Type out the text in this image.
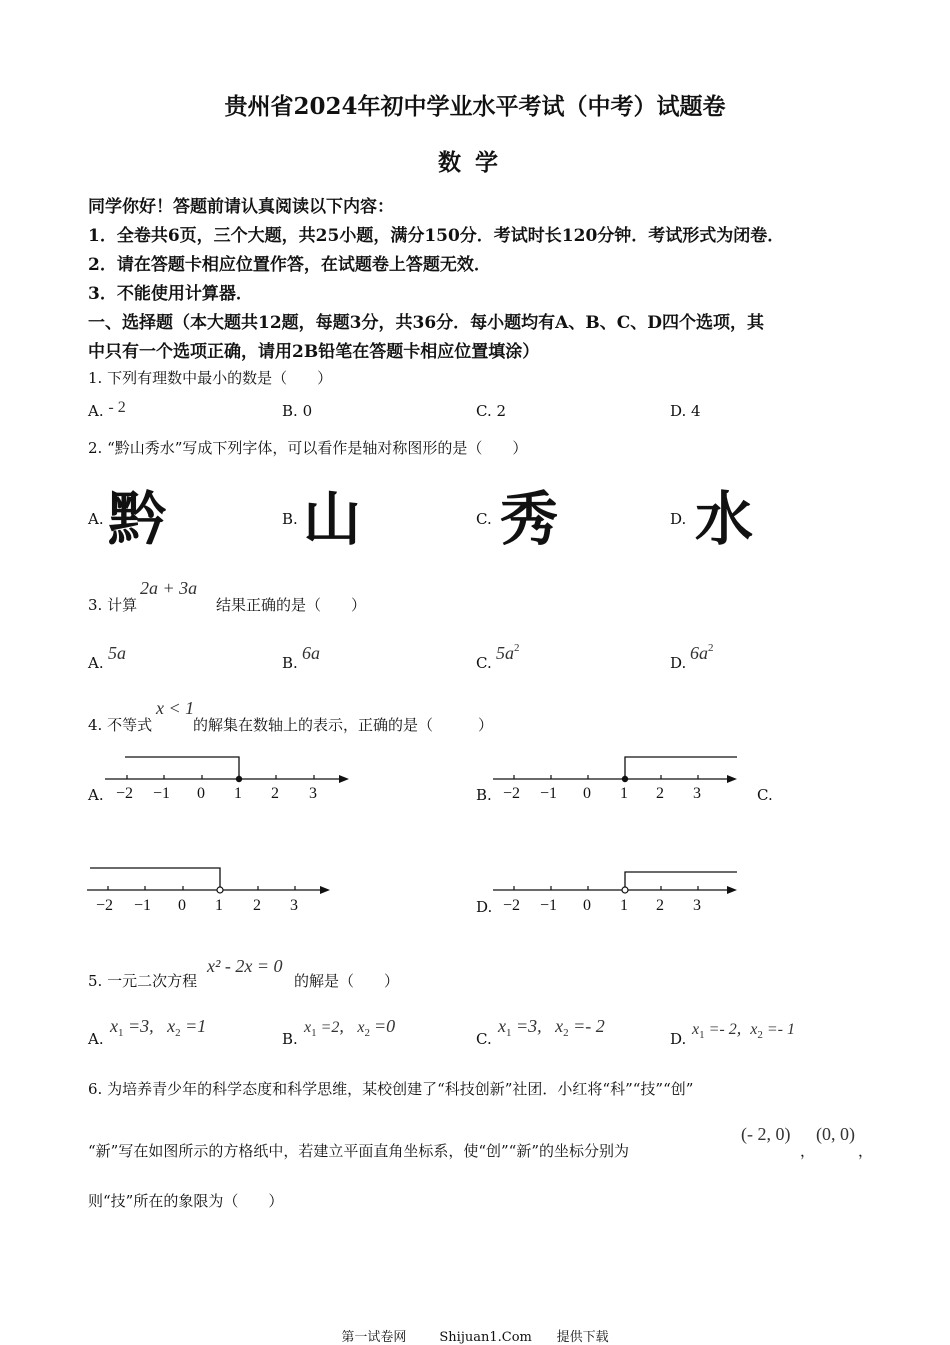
贵州省2024年初中学业水平考试（中考）试题卷
数学
同学你好！答题前请认真阅读以下内容：
1．全卷共6页，三个大题，共25小题，满分150分．考试时长120分钟．考试形式为闭卷．
2．请在答题卡相应位置作答，在试题卷上答题无效．
3．不能使用计算器．
一、选择题（本大题共12题，每题3分，共36分．每小题均有A、B、C、D四个选项，其
中只有一个选项正确，请用2B铅笔在答题卡相应位置填涂）
1. 下列有理数中最小的数是（　　）
A. - 2	B. 0	C. 2	D. 4
2. “黔山秀水”写成下列字体，可以看作是轴对称图形的是（　　）
A. 黔	B. 山	C. 秀	D. 水
3. 计算
2a + 3a
结果正确的是（　　）
A. 5a	B. 6a	C. $5a^2$
D. $6a^2$
4. 不等式
x < 1
的解集在数轴上的表示，正确的是（　　　）
A. −2 −1 0 1 2 3	B. −2 −1 0 1 2 3	C.
−2 −1 0 1 2 3	D. −2 −1 0 1 2 3
5. 一元二次方程
x² - 2x = 0
的解是（　　）
A.
$x_1 =3$,   $x_2 =1$
B.
$x_1 =2$,   $x_2 =0$
C.
$x_1 =3$,   $x_2 =- 2$
D.
$x_1 =- 2$,  $x_2 =- 1$
6. 为培养青少年的科学态度和科学思维，某校创建了“科技创新”社团．小红将“科”“技”“创”
“新”写在如图所示的方格纸中，若建立平面直角坐标系，使“创”“新”的坐标分别为
(- 2, 0)
，
(0, 0)
，
则“技”所在的象限为（　　）
第一试卷网	Shijuan1.Com 提供下载
